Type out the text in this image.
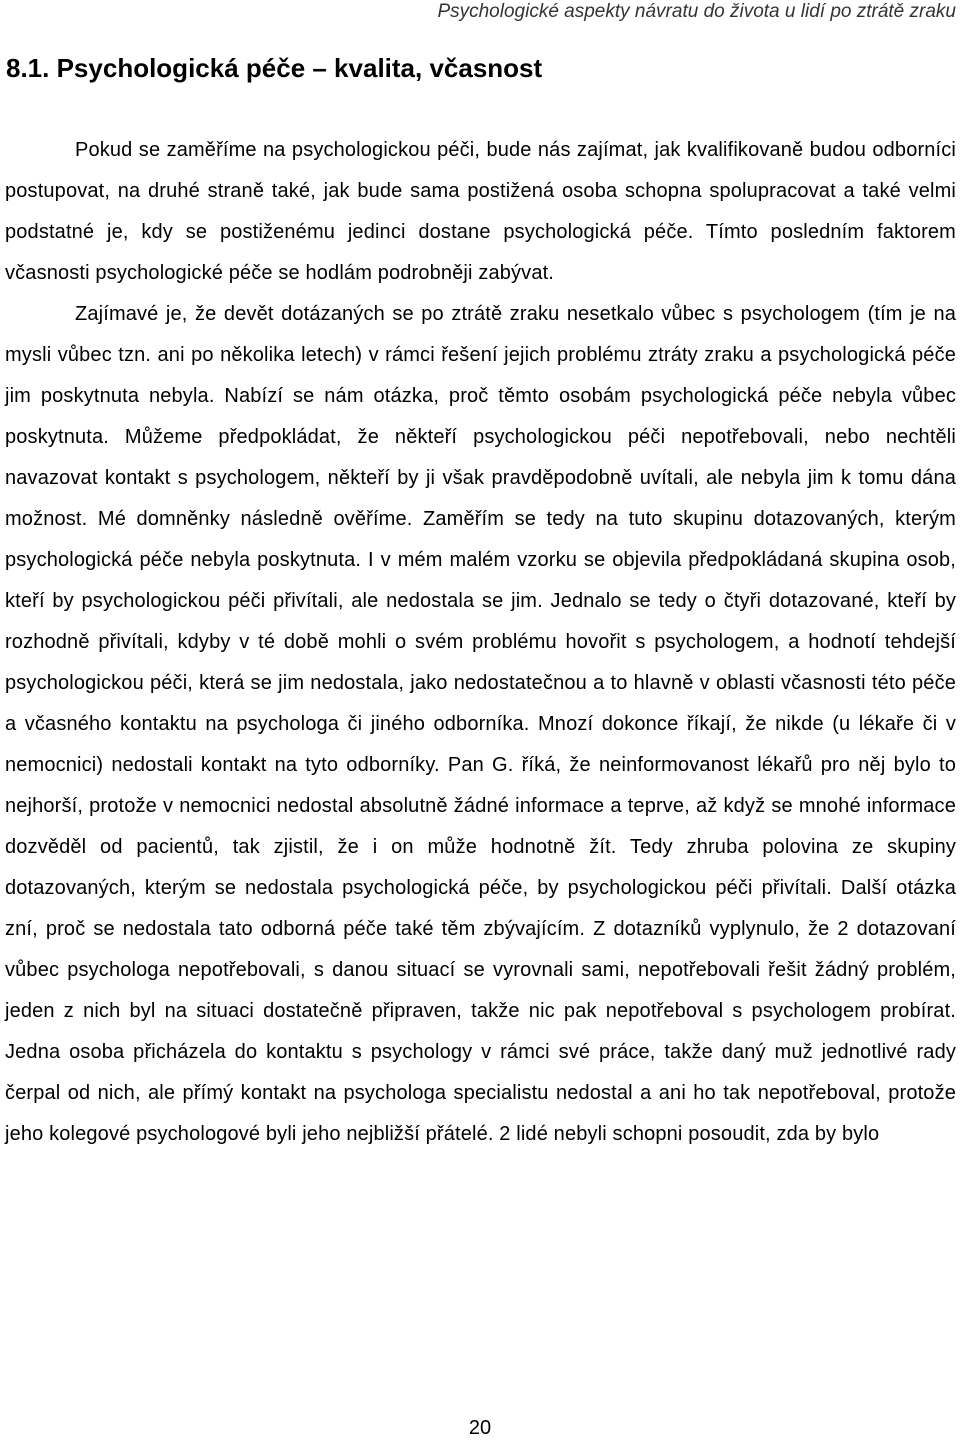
Psychologické aspekty návratu do života u lidí po ztrátě zraku
8.1. Psychologická péče – kvalita, včasnost

Pokud se zaměříme na psychologickou péči, bude nás zajímat, jak kvalifikovaně budou odborníci postupovat, na druhé straně také, jak bude sama postižená osoba schopna spolupracovat a také velmi podstatné je, kdy se postiženému jedinci dostane psychologická péče. Tímto posledním faktorem včasnosti psychologické péče se hodlám podrobněji zabývat.

Zajímavé je, že devět dotázaných se po ztrátě zraku nesetkalo vůbec s psychologem (tím je na mysli vůbec tzn. ani po několika letech) v rámci řešení jejich problému ztráty zraku a psychologická péče jim poskytnuta nebyla. Nabízí se nám otázka, proč těmto osobám psychologická péče nebyla vůbec poskytnuta. Můžeme předpokládat, že někteří psychologickou péči nepotřebovali, nebo nechtěli navazovat kontakt s psychologem, někteří by ji však pravděpodobně uvítali, ale nebyla jim k tomu dána možnost. Mé domněnky následně ověříme. Zaměřím se tedy na tuto skupinu dotazovaných, kterým psychologická péče nebyla poskytnuta. I v mém malém vzorku se objevila předpokládaná skupina osob, kteří by psychologickou péči přivítali, ale nedostala se jim. Jednalo se tedy o čtyři dotazované, kteří by rozhodně přivítali, kdyby v té době mohli o svém problému hovořit s psychologem, a hodnotí tehdejší psychologickou péči, která se jim nedostala, jako nedostatečnou a to hlavně v oblasti včasnosti této péče a včasného kontaktu na psychologa či jiného odborníka. Mnozí dokonce říkají, že nikde (u lékaře či v nemocnici) nedostali kontakt na tyto odborníky. Pan G. říká, že neinformovanost lékařů pro něj bylo to nejhorší, protože v nemocnici nedostal absolutně žádné informace a teprve, až když se mnohé informace dozvěděl od pacientů, tak zjistil, že i on může hodnotně žít. Tedy zhruba polovina ze skupiny dotazovaných, kterým se nedostala psychologická péče, by psychologickou péči přivítali. Další otázka zní, proč se nedostala tato odborná péče také těm zbývajícím. Z dotazníků vyplynulo, že 2 dotazovaní vůbec psychologa nepotřebovali, s danou situací se vyrovnali sami, nepotřebovali řešit žádný problém, jeden z nich byl na situaci dostatečně připraven, takže nic pak nepotřeboval s psychologem probírat. Jedna osoba přicházela do kontaktu s psychology v rámci své práce, takže daný muž jednotlivé rady čerpal od nich, ale přímý kontakt na psychologa specialistu nedostal a ani ho tak nepotřeboval, protože jeho kolegové psychologové byli jeho nejbližší přátelé. 2 lidé nebyli schopni posoudit, zda by bylo

20
